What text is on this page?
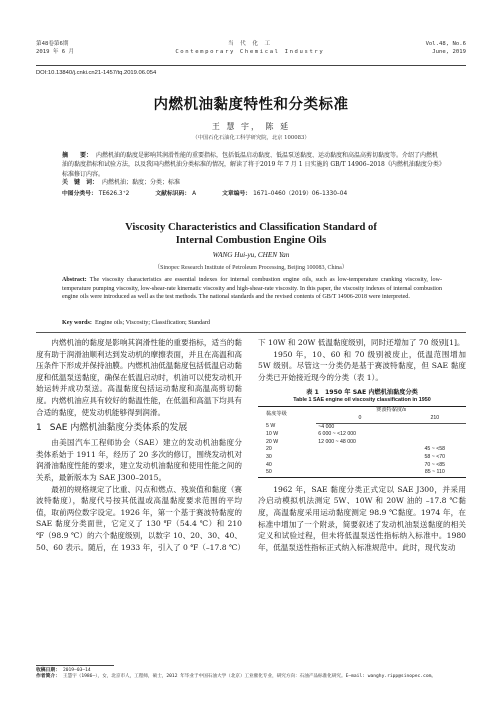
第48卷第6期
2019 年 6 月
当 代 化 工
Contemporary Chemical Industry
Vol.48, No.6
June, 2019
DOI:10.13840/j.cnki.cn21-1457/tq.2019.06.054
内燃机油黏度特性和分类标准
王 慧 宇， 陈 延
（中国石化石油化工科学研究院，北京 100083）
摘　　要： 内燃机油的黏度是影响其润滑性能的重要指标，包括低温启动黏度、低温泵送黏度、运动黏度和高温高剪切黏度等。介绍了内燃机油的黏度指标和试验方法，以及我国内燃机油分类标准的情况，解读了将于2019 年 7 月 1 日实施的 GB/T 14906–2018《内燃机油黏度分类》标准修订内容。
关　键　词： 内燃机油；黏度；分类；标准
中图分类号： TE626.3⁺2	文献标识码： A	文章编号： 1671–0460（2019）06–1330–04
Viscosity Characteristics and Classification Standard of
Internal Combustion Engine Oils
WANG Hui-yu, CHEN Yan
（Sinopec Research Institute of Petroleum Processing, Beijing 100083, China）
Abstract: The viscosity characteristics are essential indexes for internal combustion engine oils, such as low-temperature cranking viscosity, low-temperature pumping viscosity, low-shear-rate kinematic viscosity and high-shear-rate viscosity. In this paper, the viscosity indexes of internal combustion engine oils were introduced as well as the test methods. The national standards and the revised contents of GB/T 14906-2018 were interpreted.
Key words: Engine oils; Viscosity; Classification; Standard

内燃机油的黏度是影响其润滑性能的重要指标，适当的黏度有助于润滑油顺利达到发动机的摩擦表面，并且在高温和高压条件下形成并保持油膜。内燃机油低温黏度包括低温启动黏度和低温泵送黏度，确保在低温启动时，机油可以使发动机开始运转并成功泵送。高温黏度包括运动黏度和高温高剪切黏度。内燃机油应具有较好的黏温性能，在低温和高温下均具有合适的黏度，使发动机能够得到润滑。

1 SAE 内燃机油黏度分类体系的发展

由美国汽车工程师协会（SAE）建立的发动机油黏度分类体系始于 1911 年，经历了 20 多次的修订，围绕发动机对润滑油黏度性能的要求，建立发动机油黏度和使用性能之间的关系，最新版本为 SAE J300–2015。

最初的规格规定了比重、闪点和燃点、残炭值和黏度（赛波特黏度），黏度代号按其低温或高温黏度要求范围的平均值，取前两位数字设定。1926 年，第一个基于赛波特黏度的 SAE 黏度分类面世，它定义了 130 ℉（54.4 ℃）和 210 ℉（98.9 ℃）的六个黏度级别，以数字 10、20、30、40、50、60 表示。随后，在 1933 年，引入了 0 ℉（–17.8 ℃）

下 10W 和 20W 低温黏度级别，同时还增加了 70 级别[1]。

1950 年，10、60 和 70 级别被废止，低温范围增加 5W 级别。尽管这一分类仍是基于赛波特黏度，但 SAE 黏度分类已开始接近现今的分类（表 1）。

表 1　1950 年 SAE 内燃机油黏度分类
Table 1 SAE engine oil viscosity classification in 1950
黏度等级	赛波特黏度/s	
	0	210
5 W	~4 000	
10 W	6 000 ~ <12 000	
20 W	12 000 ~ 48 000	
20		45 ~ <58
30		58 ~ <70
40		70 ~ <85
50		85 ~ 110

1962 年，SAE 黏度分类正式定以 SAE J300，并采用冷启动模拟机法测定 5W、10W 和 20W 油的 –17.8 ℃黏度，高温黏度采用运动黏度测定 98.9 ℃黏度。1974 年，在标准中增加了一个附录，简要叙述了发动机油泵送黏度的相关定义和试验过程，但未将低温泵送性指标纳入标准中。1980 年，低温泵送性指标正式纳入标准规范中。此时，现代发动

收稿日期： 2019–03–14
作者简介： 王慧宇（1986–），女，北京市人，工程师，硕士，2012 年毕业于中国石油大学（北京）工业催化专业，研究方向：石油产品标准化研究。E–mail: wanghy.ripp@sinopec.com。
